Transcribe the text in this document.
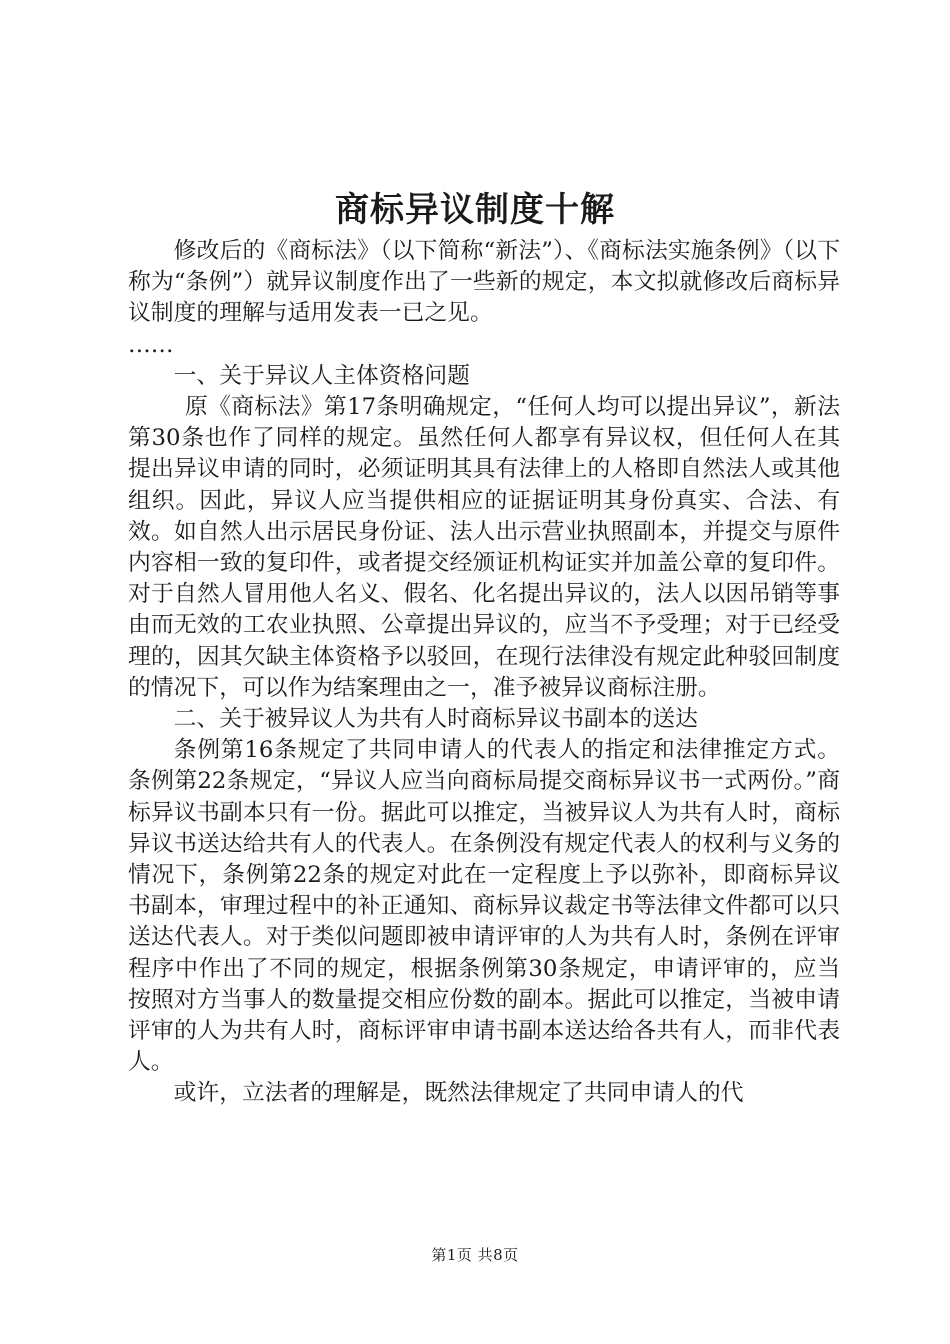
商标异议制度十解

修改后的《商标法》（以下简称“新法”）、《商标法实施条例》（以下称为“条例”）就异议制度作出了一些新的规定，本文拟就修改后商标异议制度的理解与适用发表一已之见。

……

一、关于异议人主体资格问题

原《商标法》第17条明确规定，“任何人均可以提出异议”，新法第30条也作了同样的规定。虽然任何人都享有异议权，但任何人在其提出异议申请的同时，必须证明其具有法律上的人格即自然法人或其他组织。因此，异议人应当提供相应的证据证明其身份真实、合法、有效。如自然人出示居民身份证、法人出示营业执照副本，并提交与原件内容相一致的复印件，或者提交经颁证机构证实并加盖公章的复印件。对于自然人冒用他人名义、假名、化名提出异议的，法人以因吊销等事由而无效的工农业执照、公章提出异议的，应当不予受理；对于已经受理的，因其欠缺主体资格予以驳回，在现行法律没有规定此种驳回制度的情况下，可以作为结案理由之一，准予被异议商标注册。

二、关于被异议人为共有人时商标异议书副本的送达

条例第16条规定了共同申请人的代表人的指定和法律推定方式。条例第22条规定，“异议人应当向商标局提交商标异议书一式两份。”商标异议书副本只有一份。据此可以推定，当被异议人为共有人时，商标异议书送达给共有人的代表人。在条例没有规定代表人的权利与义务的情况下，条例第22条的规定对此在一定程度上予以弥补，即商标异议书副本，审理过程中的补正通知、商标异议裁定书等法律文件都可以只送达代表人。对于类似问题即被申请评审的人为共有人时，条例在评审程序中作出了不同的规定，根据条例第30条规定，申请评审的，应当按照对方当事人的数量提交相应份数的副本。据此可以推定，当被申请评审的人为共有人时，商标评审申请书副本送达给各共有人，而非代表人。

或许，立法者的理解是，既然法律规定了共同申请人的代

第1页 共8页
